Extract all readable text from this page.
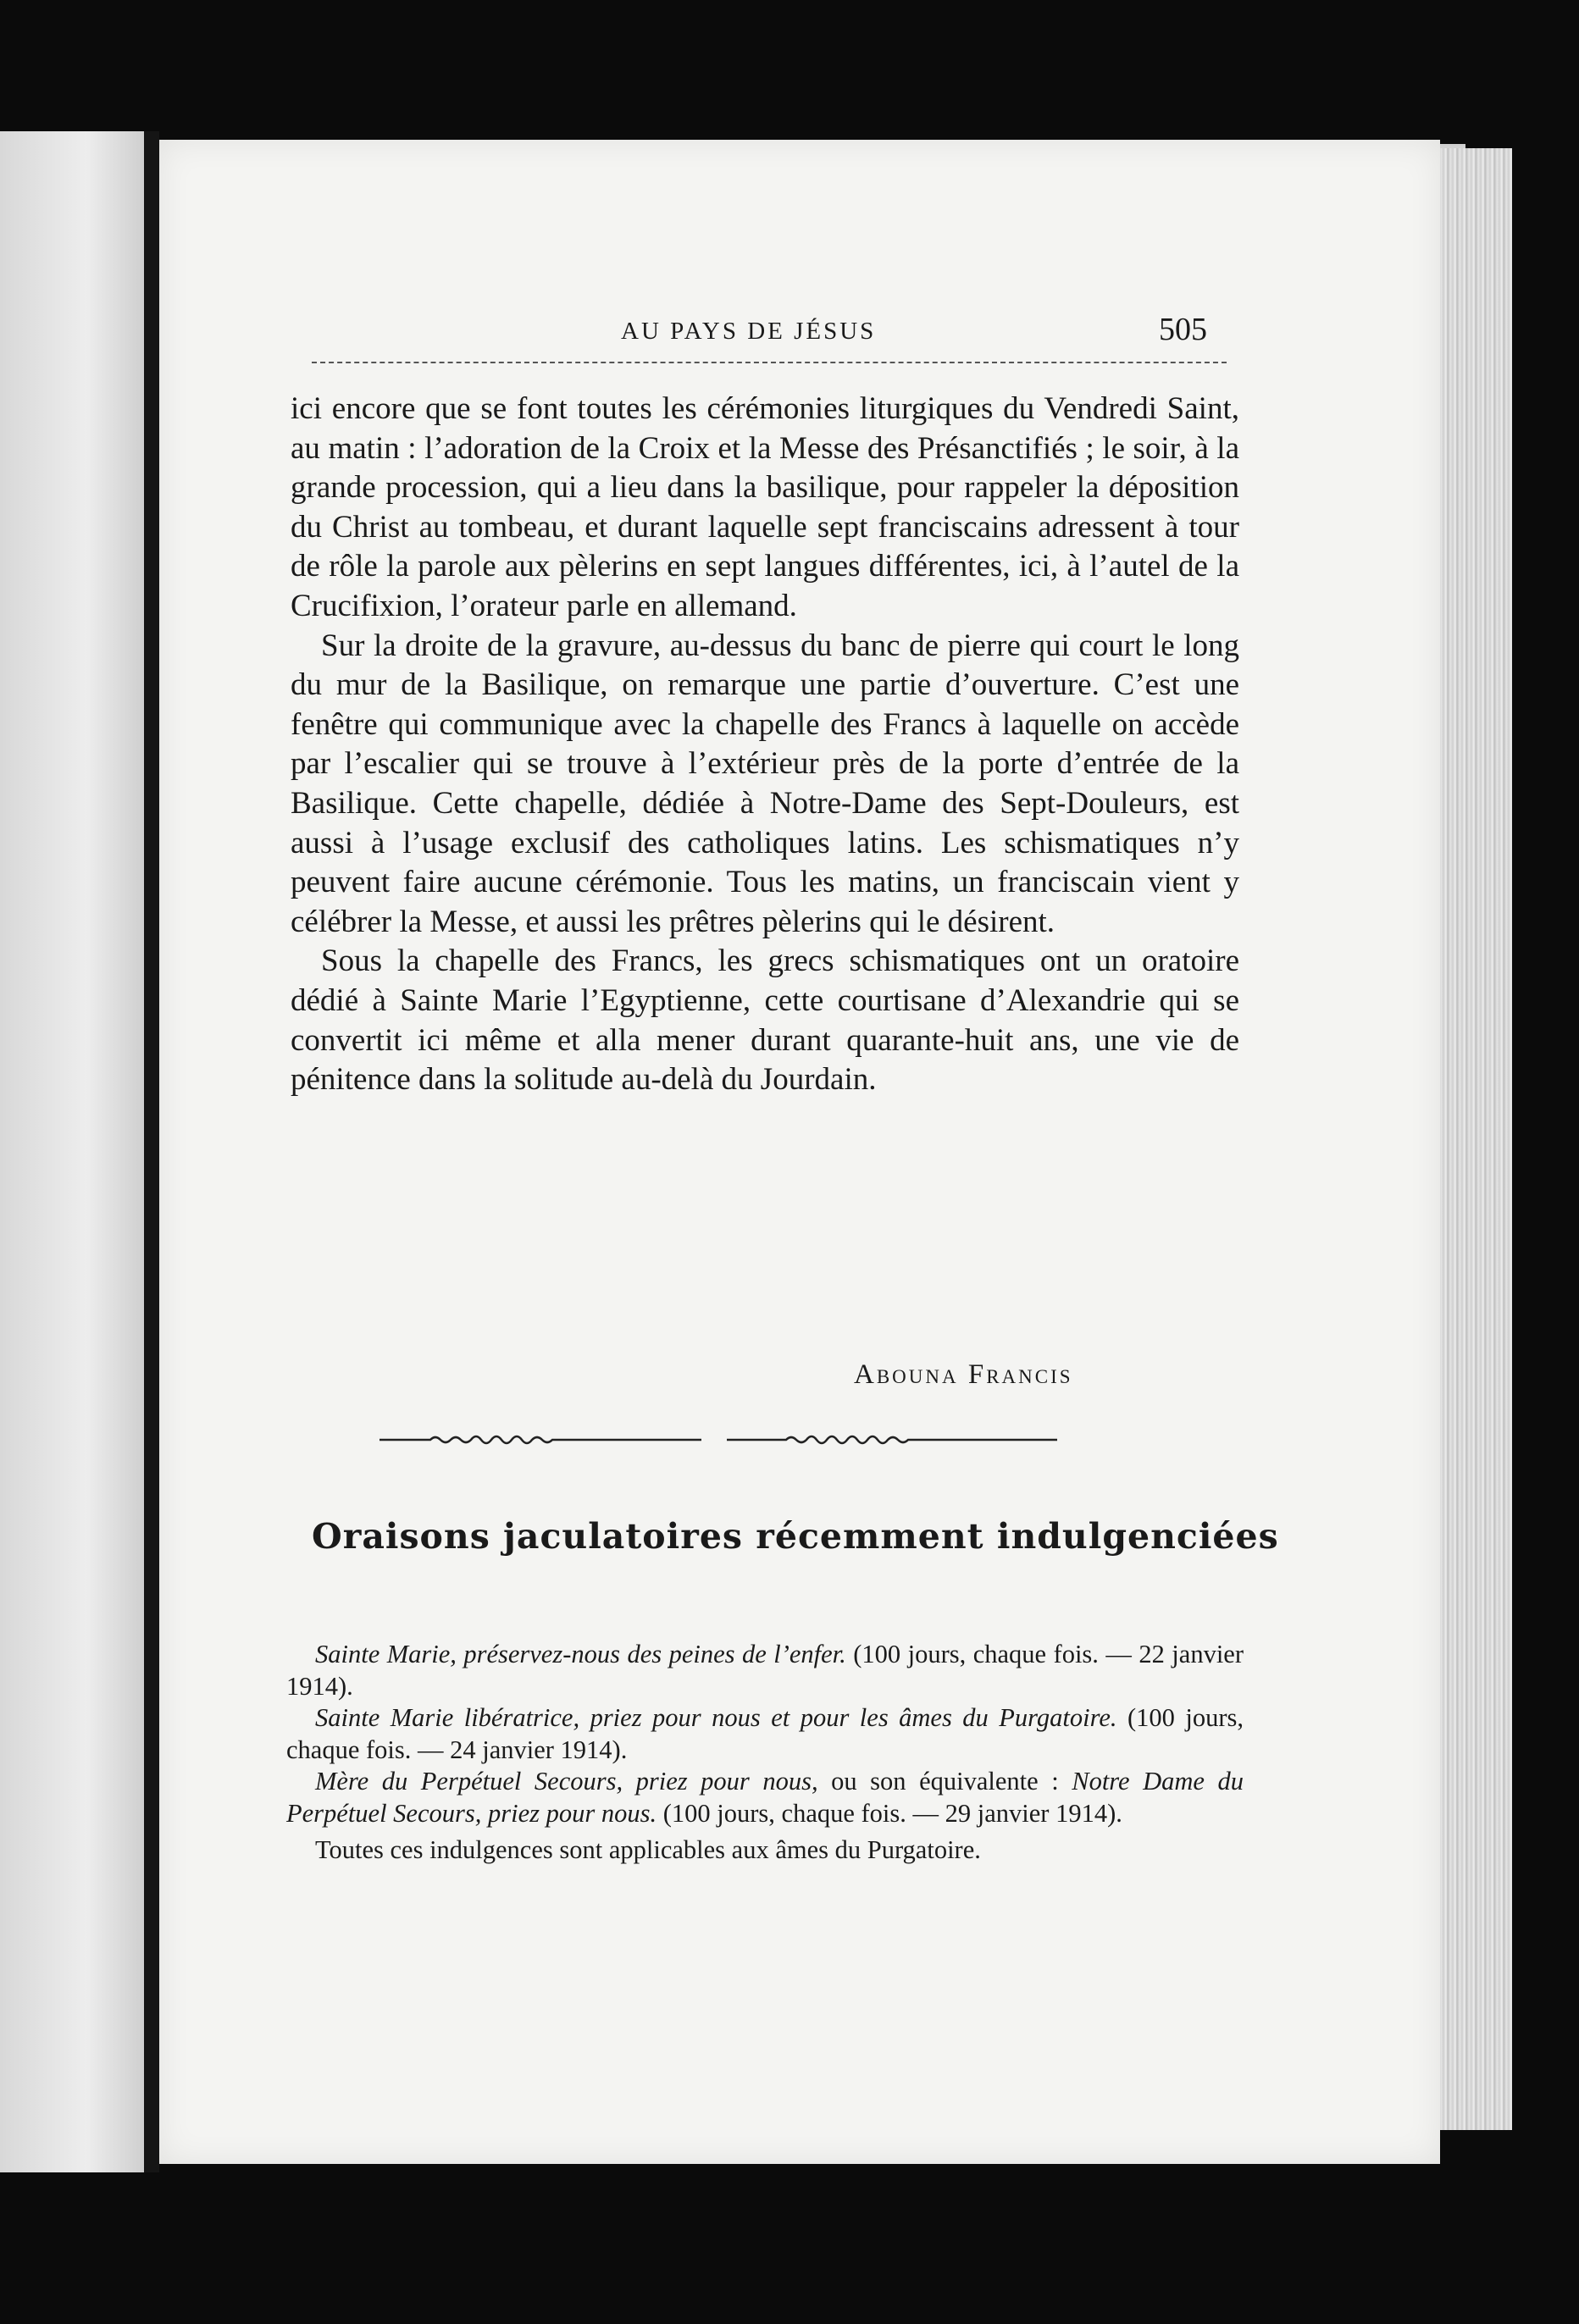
AU PAYS DE JÉSUS	505

ici encore que se font toutes les cérémonies liturgiques du Vendredi Saint, au matin : l’adoration de la Croix et la Messe des Présanctifiés ; le soir, à la grande procession, qui a lieu dans la basilique, pour rappeler la déposition du Christ au tombeau, et durant laquelle sept franciscains adressent à tour de rôle la parole aux pèlerins en sept langues différentes, ici, à l’autel de la Crucifixion, l’orateur parle en allemand.

Sur la droite de la gravure, au-dessus du banc de pierre qui court le long du mur de la Basilique, on remarque une partie d’ouverture. C’est une fenêtre qui communique avec la chapelle des Francs à laquelle on accède par l’escalier qui se trouve à l’extérieur près de la porte d’entrée de la Basilique. Cette chapelle, dédiée à Notre-Dame des Sept-Douleurs, est aussi à l’usage exclusif des catholiques latins. Les schismatiques n’y peuvent faire aucune cérémonie. Tous les matins, un franciscain vient y célébrer la Messe, et aussi les prêtres pèlerins qui le désirent.

Sous la chapelle des Francs, les grecs schismatiques ont un oratoire dédié à Sainte Marie l’Egyptienne, cette courtisane d’Alexandrie qui se convertit ici même et alla mener durant quarante-huit ans, une vie de pénitence dans la solitude au-delà du Jourdain.

Abouna Francis
Oraisons jaculatoires récemment indulgenciées

Sainte Marie, préservez-nous des peines de l’enfer. (100 jours, chaque fois. — 22 janvier 1914).

Sainte Marie libératrice, priez pour nous et pour les âmes du Purgatoire. (100 jours, chaque fois. — 24 janvier 1914).

Mère du Perpétuel Secours, priez pour nous, ou son équivalente : Notre Dame du Perpétuel Secours, priez pour nous. (100 jours, chaque fois. — 29 janvier 1914).

Toutes ces indulgences sont applicables aux âmes du Purgatoire.
